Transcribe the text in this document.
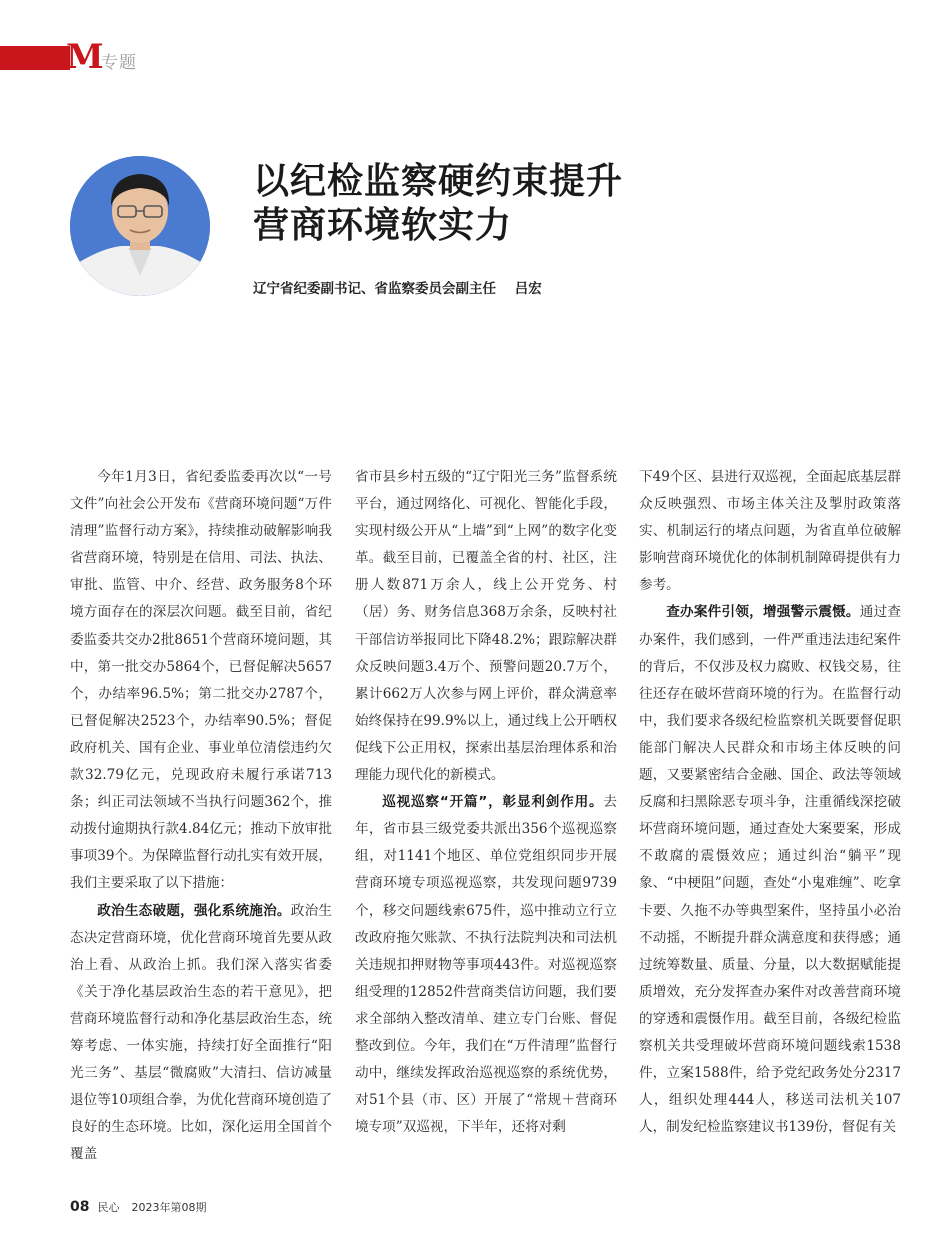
M
专题
以纪检监察硬约束提升
营商环境软实力
辽宁省纪委副书记、省监察委员会副主任    吕宏

今年1月3日，省纪委监委再次以“一号文件”向社会公开发布《营商环境问题“万件清理”监督行动方案》，持续推动破解影响我省营商环境，特别是在信用、司法、执法、审批、监管、中介、经营、政务服务8个环境方面存在的深层次问题。截至目前，省纪委监委共交办2批8651个营商环境问题，其中，第一批交办5864个，已督促解决5657个，办结率96.5%；第二批交办2787个，已督促解决2523个，办结率90.5%；督促政府机关、国有企业、事业单位清偿违约欠款32.79亿元，兑现政府未履行承诺713条；纠正司法领域不当执行问题362个，推动拨付逾期执行款4.84亿元；推动下放审批事项39个。为保障监督行动扎实有效开展，我们主要采取了以下措施：

政治生态破题，强化系统施治。政治生态决定营商环境，优化营商环境首先要从政治上看、从政治上抓。我们深入落实省委《关于净化基层政治生态的若干意见》，把营商环境监督行动和净化基层政治生态，统筹考虑、一体实施，持续打好全面推行“阳光三务”、基层“微腐败”大清扫、信访减量退位等10项组合拳，为优化营商环境创造了良好的生态环境。比如，深化运用全国首个覆盖

省市县乡村五级的“辽宁阳光三务”监督系统平台，通过网络化、可视化、智能化手段，实现村级公开从“上墙”到“上网”的数字化变革。截至目前，已覆盖全省的村、社区，注册人数871万余人，线上公开党务、村（居）务、财务信息368万余条，反映村社干部信访举报同比下降48.2%；跟踪解决群众反映问题3.4万个、预警问题20.7万个，累计662万人次参与网上评价，群众满意率始终保持在99.9%以上，通过线上公开晒权促线下公正用权，探索出基层治理体系和治理能力现代化的新模式。

巡视巡察“开篇”，彰显利剑作用。去年，省市县三级党委共派出356个巡视巡察组，对1141个地区、单位党组织同步开展营商环境专项巡视巡察，共发现问题9739个，移交问题线索675件，巡中推动立行立改政府拖欠账款、不执行法院判决和司法机关违规扣押财物等事项443件。对巡视巡察组受理的12852件营商类信访问题，我们要求全部纳入整改清单、建立专门台账、督促整改到位。今年，我们在“万件清理”监督行动中，继续发挥政治巡视巡察的系统优势，对51个县（市、区）开展了“常规＋营商环境专项”双巡视，下半年，还将对剩

下49个区、县进行双巡视，全面起底基层群众反映强烈、市场主体关注及掣肘政策落实、机制运行的堵点问题，为省直单位破解影响营商环境优化的体制机制障碍提供有力参考。

查办案件引领，增强警示震慑。通过查办案件，我们感到，一件严重违法违纪案件的背后，不仅涉及权力腐败、权钱交易，往往还存在破坏营商环境的行为。在监督行动中，我们要求各级纪检监察机关既要督促职能部门解决人民群众和市场主体反映的问题，又要紧密结合金融、国企、政法等领域反腐和扫黑除恶专项斗争，注重循线深挖破坏营商环境问题，通过查处大案要案，形成不敢腐的震慑效应；通过纠治“躺平”现象、“中梗阻”问题，查处“小鬼难缠”、吃拿卡要、久拖不办等典型案件，坚持虽小必治不动摇，不断提升群众满意度和获得感；通过统筹数量、质量、分量，以大数据赋能提质增效，充分发挥查办案件对改善营商环境的穿透和震慑作用。截至目前，各级纪检监察机关共受理破坏营商环境问题线索1538件，立案1588件，给予党纪政务处分2317人，组织处理444人，移送司法机关107人，制发纪检监察建议书139份，督促有关

08 民心 2023年第08期
